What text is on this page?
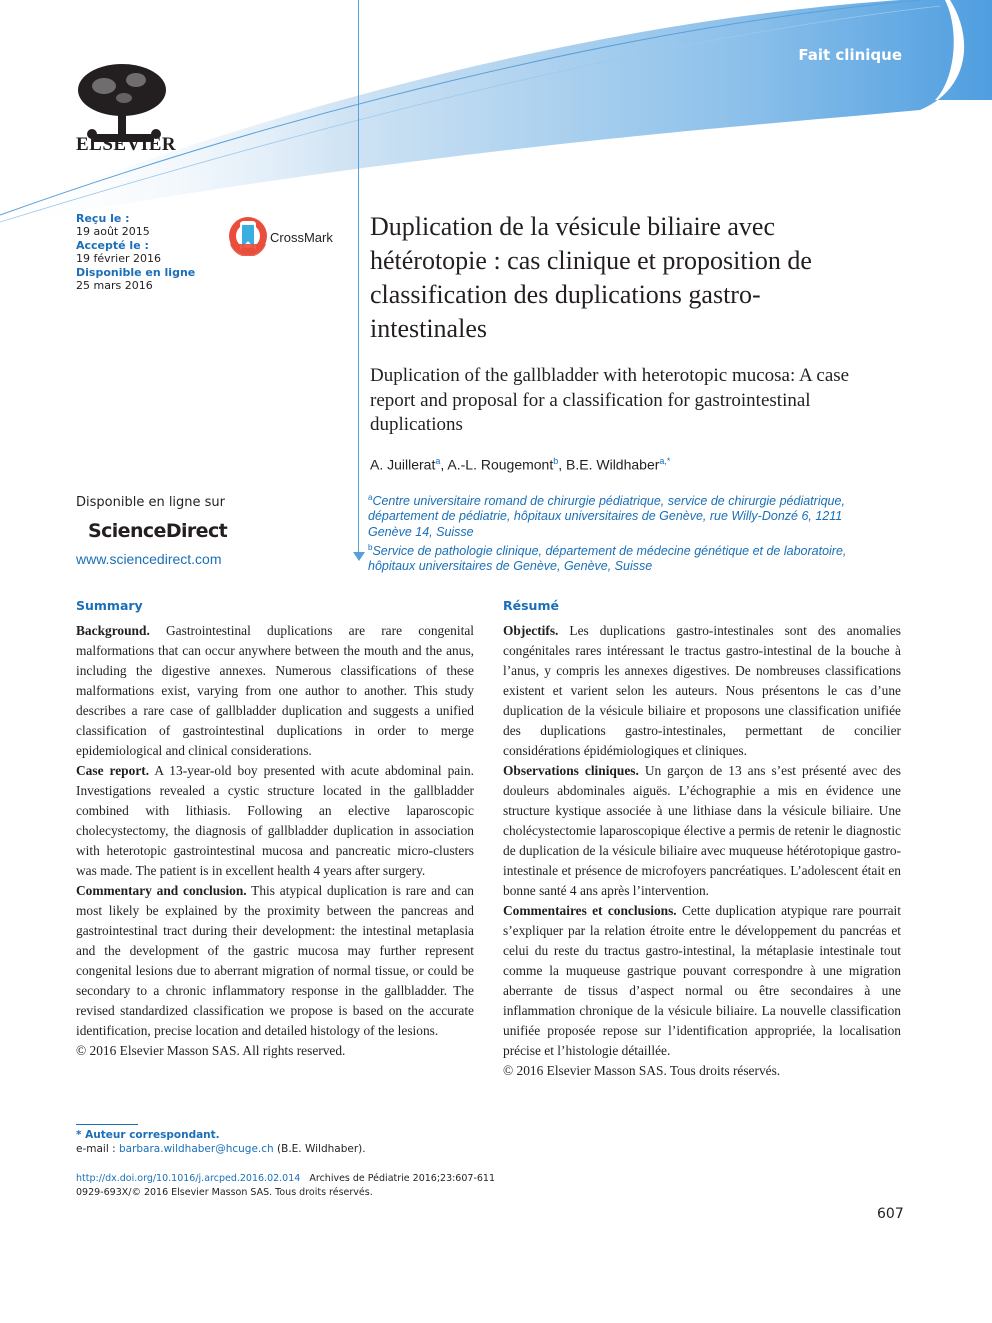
Fait clinique
ELSEVIER
Reçu le :
19 août 2015
Accepté le :
19 février 2016
Disponible en ligne
25 mars 2016
CrossMark
Disponible en ligne sur
ScienceDirect
www.sciencedirect.com
Duplication de la vésicule biliaire avec hétérotopie : cas clinique et proposition de classification des duplications gastro-intestinales
Duplication of the gallbladder with heterotopic mucosa: A case report and proposal for a classification for gastrointestinal duplications
A. Juillerat$^a$, A.-L. Rougemont$^b$, B.E. Wildhaber$^{a,*}$
$^a$Centre universitaire romand de chirurgie pédiatrique, service de chirurgie pédiatrique, département de pédiatrie, hôpitaux universitaires de Genève, rue Willy-Donzé 6, 1211 Genève 14, Suisse
$^b$Service de pathologie clinique, département de médecine génétique et de laboratoire, hôpitaux universitaires de Genève, Genève, Suisse
Summary

Background. Gastrointestinal duplications are rare congenital malformations that can occur anywhere between the mouth and the anus, including the digestive annexes. Numerous classifications of these malformations exist, varying from one author to another. This study describes a rare case of gallbladder duplication and suggests a unified classification of gastrointestinal duplications in order to merge epidemiological and clinical considerations.

Case report. A 13-year-old boy presented with acute abdominal pain. Investigations revealed a cystic structure located in the gallbladder combined with lithiasis. Following an elective laparoscopic cholecystectomy, the diagnosis of gallbladder duplication in association with heterotopic gastrointestinal mucosa and pancreatic micro-clusters was made. The patient is in excellent health 4 years after surgery.

Commentary and conclusion. This atypical duplication is rare and can most likely be explained by the proximity between the pancreas and gastrointestinal tract during their development: the intestinal metaplasia and the development of the gastric mucosa may further represent congenital lesions due to aberrant migration of normal tissue, or could be secondary to a chronic inflammatory response in the gallbladder. The revised standardized classification we propose is based on the accurate identification, precise location and detailed histology of the lesions.

© 2016 Elsevier Masson SAS. All rights reserved.

Résumé

Objectifs. Les duplications gastro-intestinales sont des anomalies congénitales rares intéressant le tractus gastro-intestinal de la bouche à l’anus, y compris les annexes digestives. De nombreuses classifications existent et varient selon les auteurs. Nous présentons le cas d’une duplication de la vésicule biliaire et proposons une classification unifiée des duplications gastro-intestinales, permettant de concilier considérations épidémiologiques et cliniques.

Observations cliniques. Un garçon de 13 ans s’est présenté avec des douleurs abdominales aiguës. L’échographie a mis en évidence une structure kystique associée à une lithiase dans la vésicule biliaire. Une cholécystectomie laparoscopique élective a permis de retenir le diagnostic de duplication de la vésicule biliaire avec muqueuse hétérotopique gastro-intestinale et présence de microfoyers pancréatiques. L’adolescent était en bonne santé 4 ans après l’intervention.

Commentaires et conclusions. Cette duplication atypique rare pourrait s’expliquer par la relation étroite entre le développement du pancréas et celui du reste du tractus gastro-intestinal, la métaplasie intestinale tout comme la muqueuse gastrique pouvant correspondre à une migration aberrante de tissus d’aspect normal ou être secondaires à une inflammation chronique de la vésicule biliaire. La nouvelle classification unifiée proposée repose sur l’identification appropriée, la localisation précise et l’histologie détaillée.

© 2016 Elsevier Masson SAS. Tous droits réservés.

* Auteur correspondant.
e-mail : barbara.wildhaber@hcuge.ch (B.E. Wildhaber).
http://dx.doi.org/10.1016/j.arcped.2016.02.014 Archives de Pédiatrie 2016;23:607-611
0929-693X/© 2016 Elsevier Masson SAS. Tous droits réservés.
607
